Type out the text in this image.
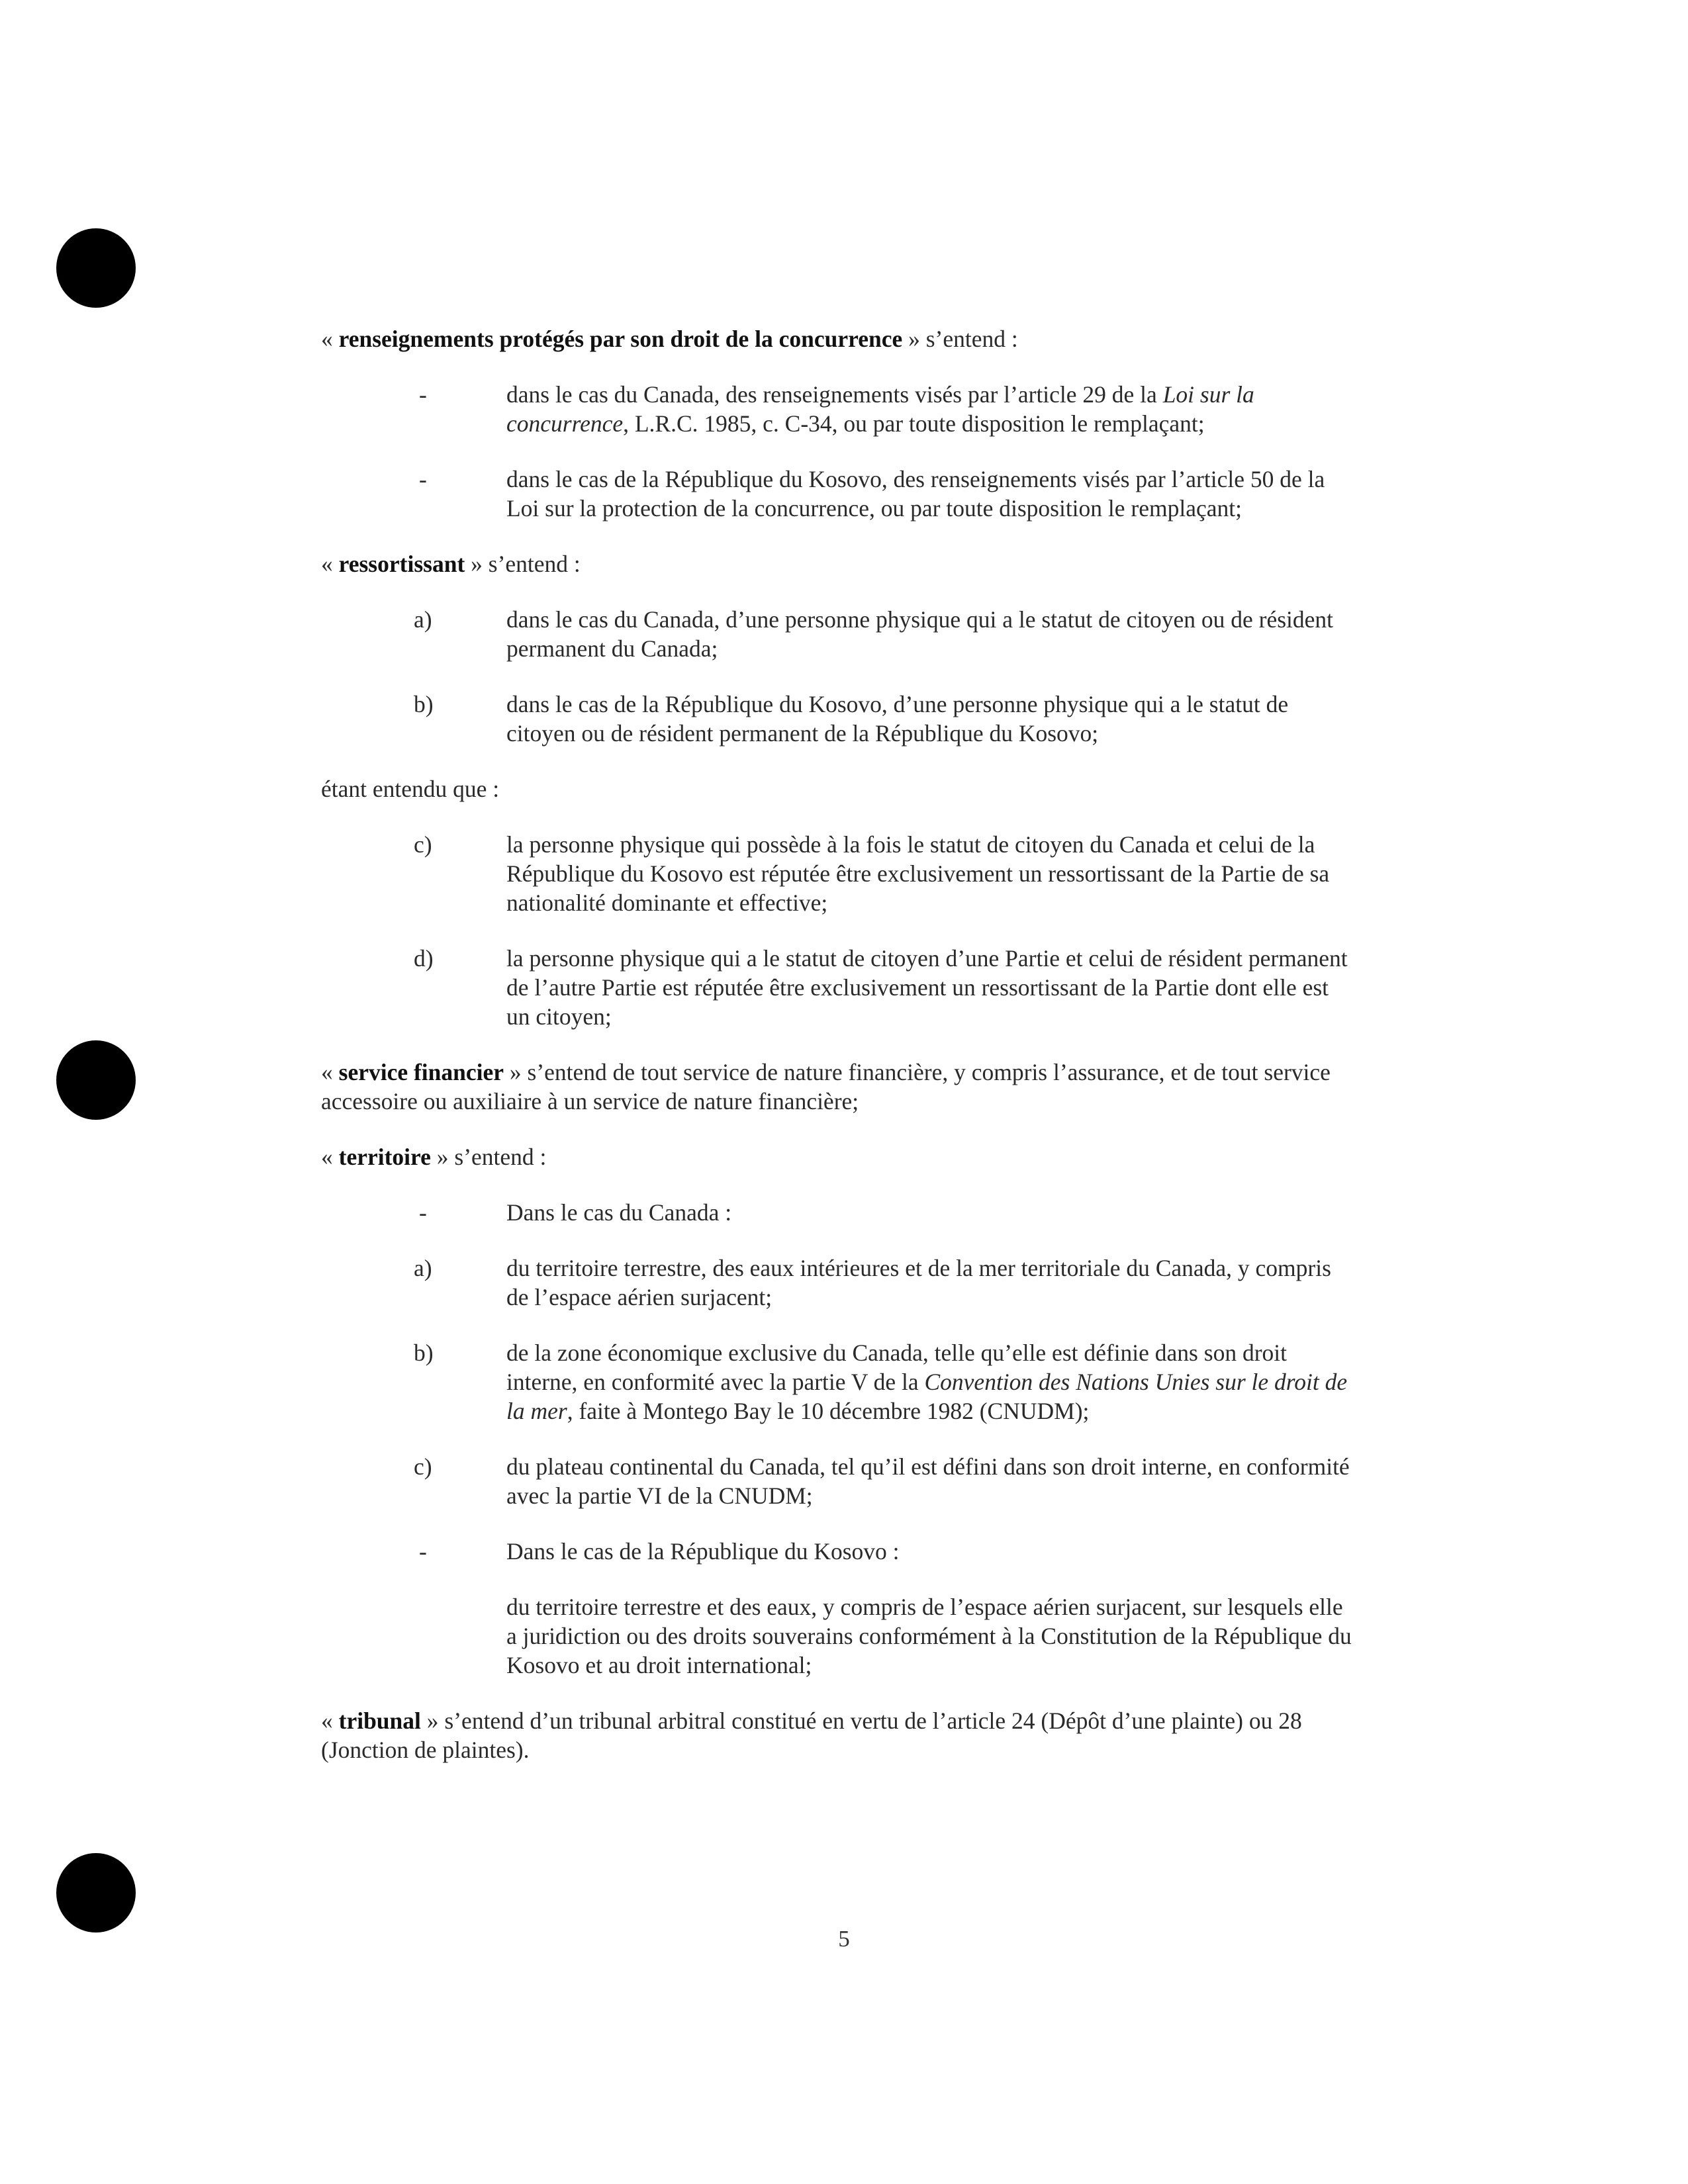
« renseignements protégés par son droit de la concurrence » s’entend :

-	dans le cas du Canada, des renseignements visés par l’article 29 de la Loi sur la concurrence, L.R.C. 1985, c. C-34, ou par toute disposition le remplaçant;
-	dans le cas de la République du Kosovo, des renseignements visés par l’article 50 de la Loi sur la protection de la concurrence, ou par toute disposition le remplaçant;

« ressortissant » s’entend :

a)	dans le cas du Canada, d’une personne physique qui a le statut de citoyen ou de résident permanent du Canada;
b)	dans le cas de la République du Kosovo, d’une personne physique qui a le statut de citoyen ou de résident permanent de la République du Kosovo;

étant entendu que :

c)	la personne physique qui possède à la fois le statut de citoyen du Canada et celui de la République du Kosovo est réputée être exclusivement un ressortissant de la Partie de sa nationalité dominante et effective;
d)	la personne physique qui a le statut de citoyen d’une Partie et celui de résident permanent de l’autre Partie est réputée être exclusivement un ressortissant de la Partie dont elle est un citoyen;

« service financier » s’entend de tout service de nature financière, y compris l’assurance, et de tout service accessoire ou auxiliaire à un service de nature financière;

« territoire » s’entend :

-	Dans le cas du Canada :
a)	du territoire terrestre, des eaux intérieures et de la mer territoriale du Canada, y compris de l’espace aérien surjacent;
b)	de la zone économique exclusive du Canada, telle qu’elle est définie dans son droit interne, en conformité avec la partie V de la Convention des Nations Unies sur le droit de la mer, faite à Montego Bay le 10 décembre 1982 (CNUDM);
c)	du plateau continental du Canada, tel qu’il est défini dans son droit interne, en conformité avec la partie VI de la CNUDM;
-	Dans le cas de la République du Kosovo :

du territoire terrestre et des eaux, y compris de l’espace aérien surjacent, sur lesquels elle a juridiction ou des droits souverains conformément à la Constitution de la République du Kosovo et au droit international;

« tribunal » s’entend d’un tribunal arbitral constitué en vertu de l’article 24 (Dépôt d’une plainte) ou 28 (Jonction de plaintes).

5
